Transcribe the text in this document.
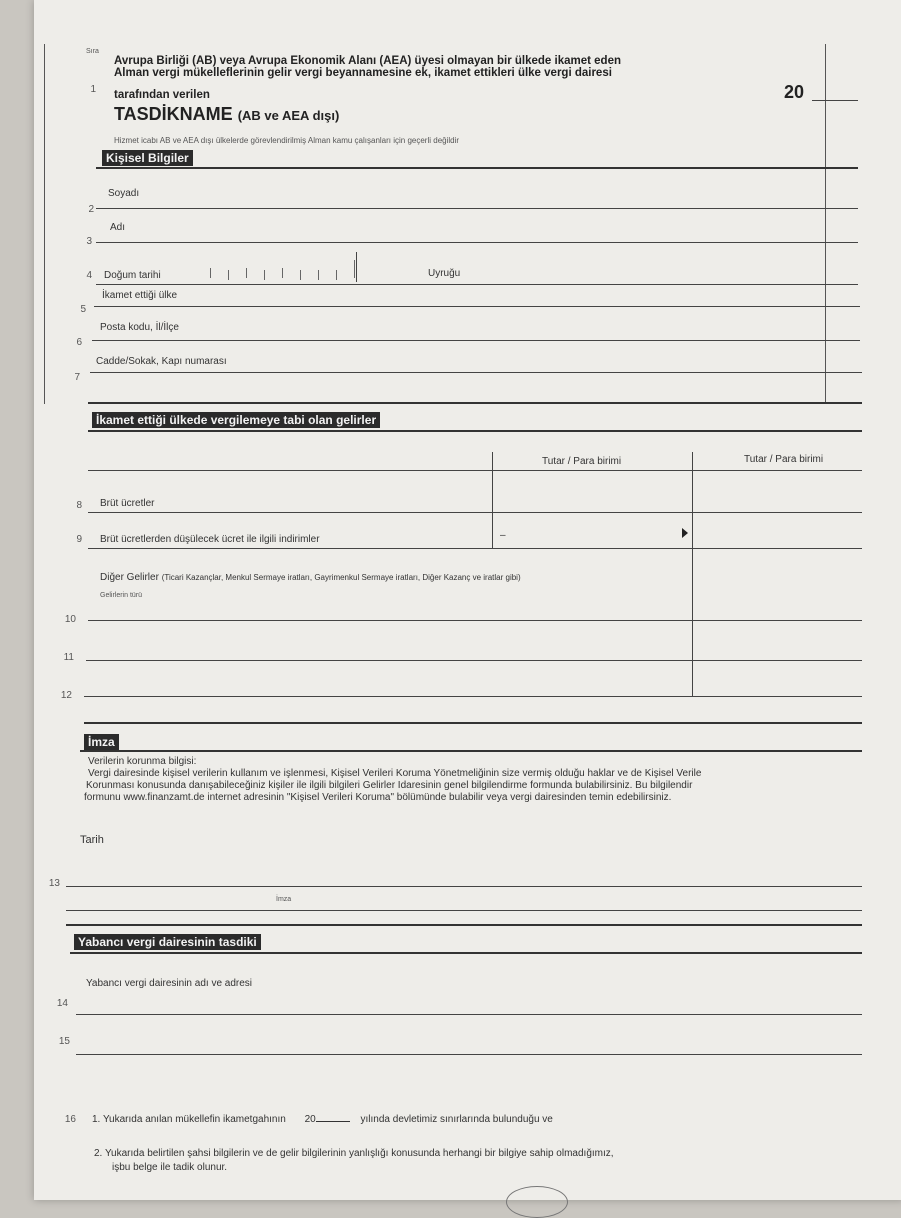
Sıra
1
Avrupa Birliği (AB) veya Avrupa Ekonomik Alanı (AEA) üyesi olmayan bir ülkede ikamet eden
Alman vergi mükelleflerinin gelir vergi beyannamesine ek, ikamet ettikleri ülke vergi dairesi
tarafından verilen	20
TASDİKNAME (AB ve AEA dışı)
Hizmet icabı AB ve AEA dışı ülkelerde görevlendirilmiş Alman kamu çalışanları için geçerli değildir
Kişisel Bilgiler
Soyadı
2
Adı
3
Doğum tarihi
4	Uyruğu
İkamet ettiği ülke
5
Posta kodu, İl/İlçe
6
Cadde/Sokak, Kapı numarası
7
İkamet ettiği ülkede vergilemeye tabi olan gelirler
Tutar / Para birimi	Tutar / Para birimi
Brüt ücretler
8
Brüt ücretlerden düşülecek ücret ile ilgili indirimler
9	–
Diğer Gelirler (Ticari Kazançlar, Menkul Sermaye iratları, Gayrimenkul Sermaye iratları, Diğer Kazanç ve iratlar gibi)
Gelirlerin türü
10
11
12
İmza
Verilerin korunma bilgisi:
Vergi dairesinde kişisel verilerin kullanım ve işlenmesi, Kişisel Verileri Koruma Yönetmeliğinin size vermiş olduğu haklar ve de Kişisel Verile
Korunması konusunda danışabileceğiniz kişiler ile ilgili bilgileri Gelirler İdaresinin genel bilgilendirme formunda bulabilirsiniz. Bu bilgilendir
formunu www.finanzamt.de internet adresinin "Kişisel Verileri Koruma" bölümünde bulabilir veya vergi dairesinden temin edebilirsiniz.
Tarih
13
İmza
Yabancı vergi dairesinin tasdiki
Yabancı vergi dairesinin adı ve adresi
14
15
16 1. Yukarıda anılan mükellefin ikametgahının 20	yılında devletimiz sınırlarında bulunduğu ve
2. Yukarıda belirtilen şahsi bilgilerin ve de gelir bilgilerinin yanlışlığı konusunda herhangi bir bilgiye sahip olmadığımız,
işbu belge ile tadik olunur.
